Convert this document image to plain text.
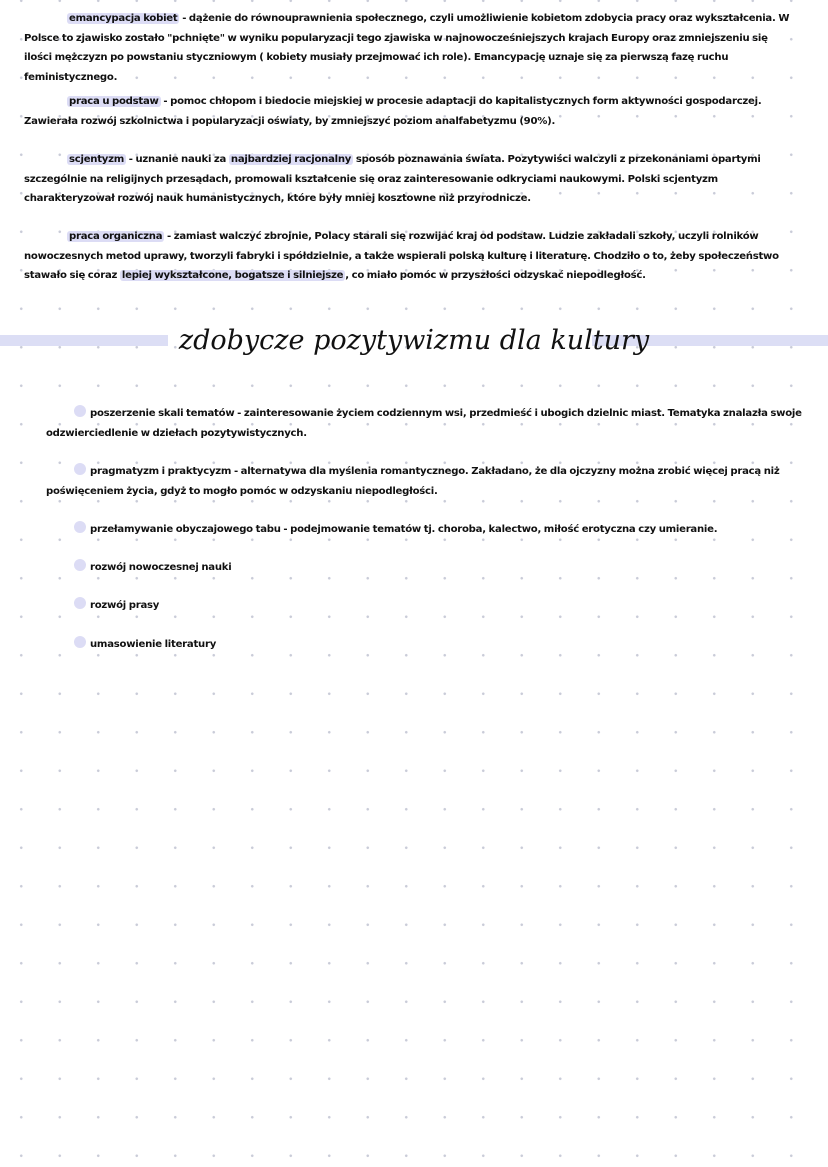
emancypacja kobiet - dążenie do równouprawnienia społecznego, czyli umożliwienie kobietom zdobycia pracy oraz wykształcenia. W Polsce to zjawisko zostało "pchnięte" w wyniku popularyzacji tego zjawiska w najnowocześniejszych krajach Europy oraz zmniejszeniu się ilości mężczyzn po powstaniu styczniowym ( kobiety musiały przejmować ich role). Emancypację uznaje się za pierwszą fazę ruchu feministycznego.

praca u podstaw - pomoc chłopom i biedocie miejskiej w procesie adaptacji do kapitalistycznych form aktywności gospodarczej. Zawierała rozwój szkolnictwa i popularyzacji oświaty, by zmniejszyć poziom analfabetyzmu (90%).

scjentyzm - uznanie nauki za najbardziej racjonalny sposób poznawania świata. Pozytywiści walczyli z przekonaniami opartymi szczególnie na religijnych przesądach, promowali kształcenie się oraz zainteresowanie odkryciami naukowymi. Polski scjentyzm charakteryzował rozwój nauk humanistycznych, które były mniej kosztowne niż przyrodnicze.

praca organiczna - zamiast walczyć zbrojnie, Polacy starali się rozwijać kraj od podstaw. Ludzie zakładali szkoły, uczyli rolników nowoczesnych metod uprawy, tworzyli fabryki i spółdzielnie, a także wspierali polską kulturę i literaturę. Chodziło o to, żeby społeczeństwo stawało się coraz lepiej wykształcone, bogatsze i silniejsze , co miało pomóc w przyszłości odzyskać niepodległość.

zdobycze pozytywizmu dla kultury

poszerzenie skali tematów - zainteresowanie życiem codziennym wsi, przedmieść i ubogich dzielnic miast. Tematyka znalazła swoje odzwierciedlenie w dziełach pozytywistycznych.

pragmatyzm i praktycyzm - alternatywa dla myślenia romantycznego. Zakładano, że dla ojczyzny można zrobić więcej pracą niż poświęceniem życia, gdyż to mogło pomóc w odzyskaniu niepodległości.

przełamywanie obyczajowego tabu - podejmowanie tematów tj. choroba, kalectwo, miłość erotyczna czy umieranie.

rozwój nowoczesnej nauki

rozwój prasy

umasowienie literatury
